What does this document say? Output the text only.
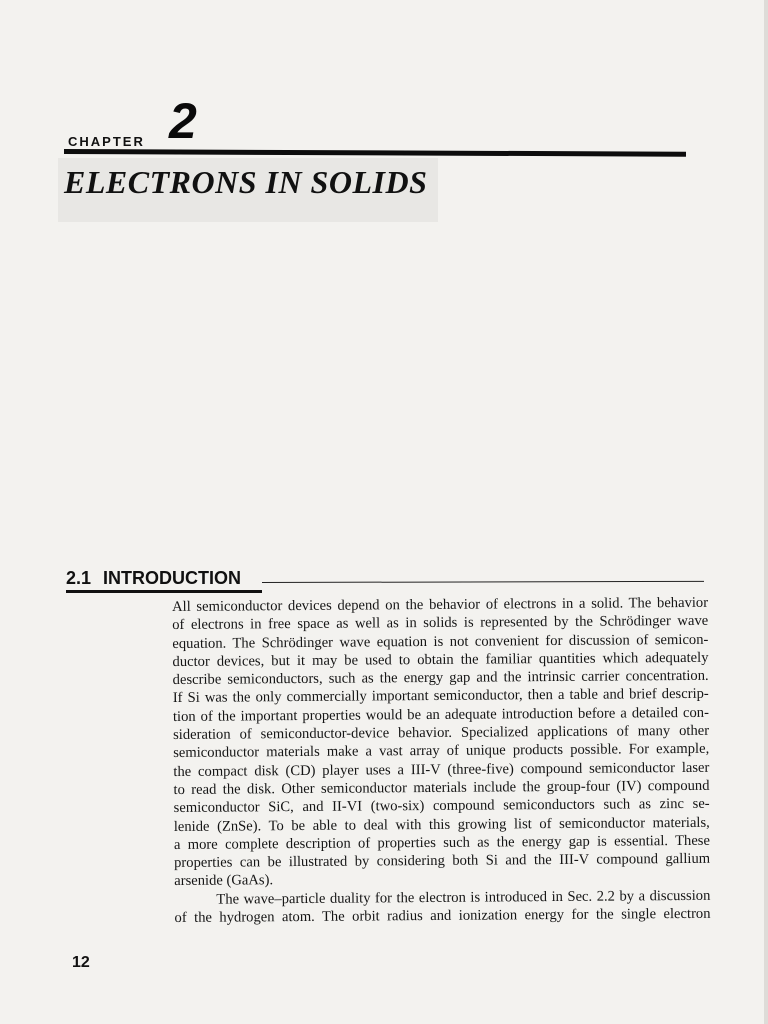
CHAPTER 2
ELECTRONS IN SOLIDS
2.1 INTRODUCTION

All semiconductor devices depend on the behavior of electrons in a solid. The behavior
of electrons in free space as well as in solids is represented by the Schrödinger wave
equation. The Schrödinger wave equation is not convenient for discussion of semicon-
ductor devices, but it may be used to obtain the familiar quantities which adequately
describe semiconductors, such as the energy gap and the intrinsic carrier concentration.
If Si was the only commercially important semiconductor, then a table and brief descrip-
tion of the important properties would be an adequate introduction before a detailed con-
sideration of semiconductor-device behavior. Specialized applications of many other
semiconductor materials make a vast array of unique products possible. For example,
the compact disk (CD) player uses a III-V (three-five) compound semiconductor laser
to read the disk. Other semiconductor materials include the group-four (IV) compound
semiconductor SiC, and II-VI (two-six) compound semiconductors such as zinc se-
lenide (ZnSe). To be able to deal with this growing list of semiconductor materials,
a more complete description of properties such as the energy gap is essential. These
properties can be illustrated by considering both Si and the III-V compound gallium
arsenide (GaAs).

The wave–particle duality for the electron is introduced in Sec. 2.2 by a discussion
of the hydrogen atom. The orbit radius and ionization energy for the single electron

12
